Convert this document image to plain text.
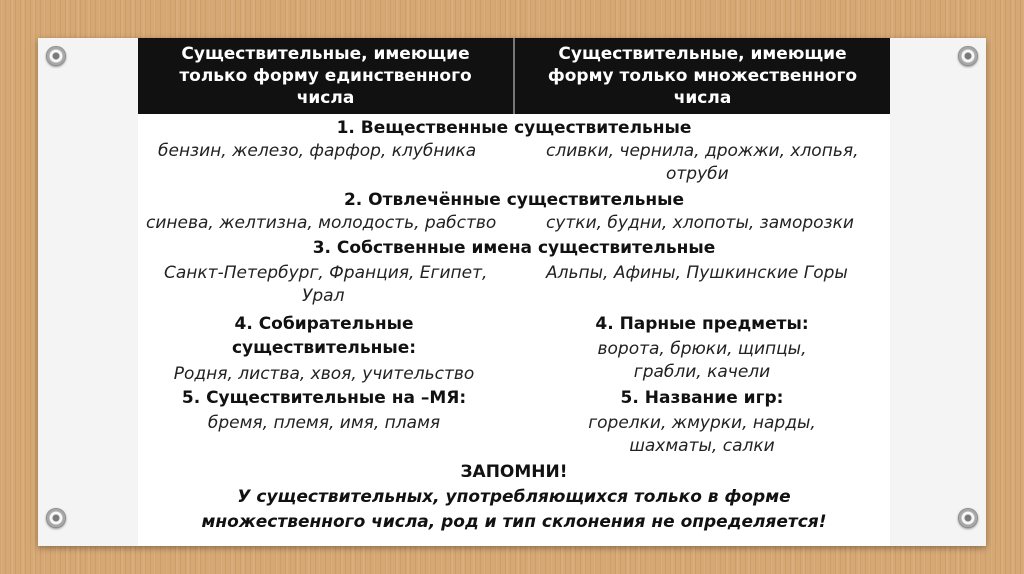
Существительные, имеющие только форму единственного числа
Существительные, имеющие форму только множественного числа
1. Вещественные существительные
бензин, железо, фарфор, клубника	сливки, чернила, дрожжи, хлопья,
отруби
2. Отвлечённые существительные
синева, желтизна, молодость, рабство	сутки, будни, хлопоты, заморозки
3. Собственные имена существительные
Санкт-Петербург, Франция, Египет,
Урал
Альпы, Афины, Пушкинские Горы
4. Собирательные
существительные:
Родня, листва, хвоя, учительство
4. Парные предметы:
ворота, брюки, щипцы,
грабли, качели
5. Существительные на –МЯ:
бремя, племя, имя, пламя
5. Название игр:
горелки, жмурки, нарды,
шахматы, салки
ЗАПОМНИ!
У существительных, употребляющихся только в форме
множественного числа, род и тип склонения не определяется!
